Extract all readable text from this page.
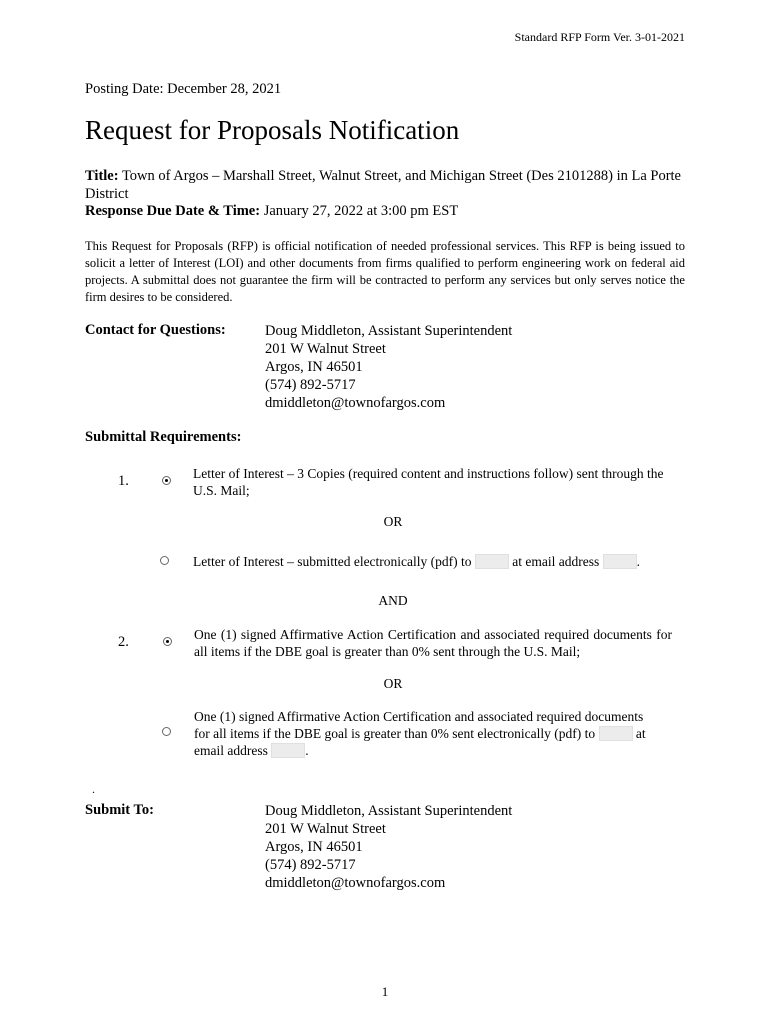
Standard RFP Form Ver. 3-01-2021
Posting Date: December 28, 2021
Request for Proposals Notification
Title: Town of Argos – Marshall Street, Walnut Street, and Michigan Street (Des 2101288) in La Porte District
Response Due Date & Time: January 27, 2022 at 3:00 pm EST
This Request for Proposals (RFP) is official notification of needed professional services. This RFP is being issued to solicit a letter of Interest (LOI) and other documents from firms qualified to perform engineering work on federal aid projects. A submittal does not guarantee the firm will be contracted to perform any services but only serves notice the firm desires to be considered.
Contact for Questions:	Doug Middleton, Assistant Superintendent
201 W Walnut Street
Argos, IN 46501
(574) 892-5717
dmiddleton@townofargos.com
Submittal Requirements:
1.	Letter of Interest – 3 Copies (required content and instructions follow) sent through the U.S. Mail;
OR
Letter of Interest – submitted electronically (pdf) to	at email address	.
AND
2.	One (1) signed Affirmative Action Certification and associated required documents for all items if the DBE goal is greater than 0% sent through the U.S. Mail;
OR
One (1) signed Affirmative Action Certification and associated required documents
for all items if the DBE goal is greater than 0% sent electronically (pdf) to	at
email address	.
.
Submit To:	Doug Middleton, Assistant Superintendent
201 W Walnut Street
Argos, IN 46501
(574) 892-5717
dmiddleton@townofargos.com
1
